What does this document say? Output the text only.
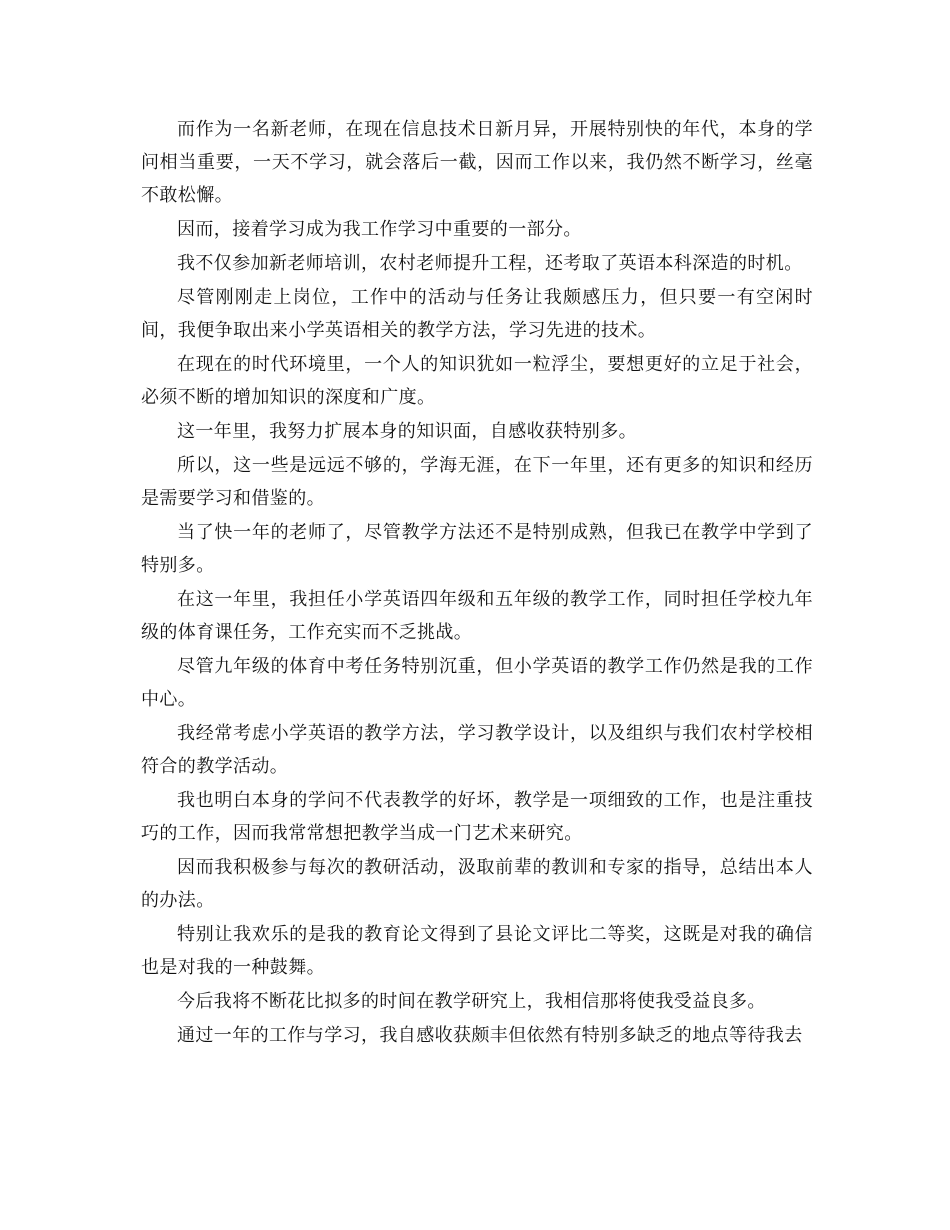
而作为一名新老师，在现在信息技术日新月异，开展特别快的年代，本身的学问相当重要，一天不学习，就会落后一截，因而工作以来，我仍然不断学习，丝毫不敢松懈。

因而，接着学习成为我工作学习中重要的一部分。

我不仅参加新老师培训，农村老师提升工程，还考取了英语本科深造的时机。

尽管刚刚走上岗位，工作中的活动与任务让我颇感压力，但只要一有空闲时间，我便争取出来小学英语相关的教学方法，学习先进的技术。

在现在的时代环境里，一个人的知识犹如一粒浮尘，要想更好的立足于社会，必须不断的增加知识的深度和广度。

这一年里，我努力扩展本身的知识面，自感收获特别多。

所以，这一些是远远不够的，学海无涯，在下一年里，还有更多的知识和经历是需要学习和借鉴的。

当了快一年的老师了，尽管教学方法还不是特别成熟，但我已在教学中学到了特别多。

在这一年里，我担任小学英语四年级和五年级的教学工作，同时担任学校九年级的体育课任务，工作充实而不乏挑战。

尽管九年级的体育中考任务特别沉重，但小学英语的教学工作仍然是我的工作中心。

我经常考虑小学英语的教学方法，学习教学设计，以及组织与我们农村学校相符合的教学活动。

我也明白本身的学问不代表教学的好坏，教学是一项细致的工作，也是注重技巧的工作，因而我常常想把教学当成一门艺术来研究。

因而我积极参与每次的教研活动，汲取前辈的教训和专家的指导，总结出本人的办法。

特别让我欢乐的是我的教育论文得到了县论文评比二等奖，这既是对我的确信也是对我的一种鼓舞。

今后我将不断花比拟多的时间在教学研究上，我相信那将使我受益良多。

通过一年的工作与学习，我自感收获颇丰但依然有特别多缺乏的地点等待我去
